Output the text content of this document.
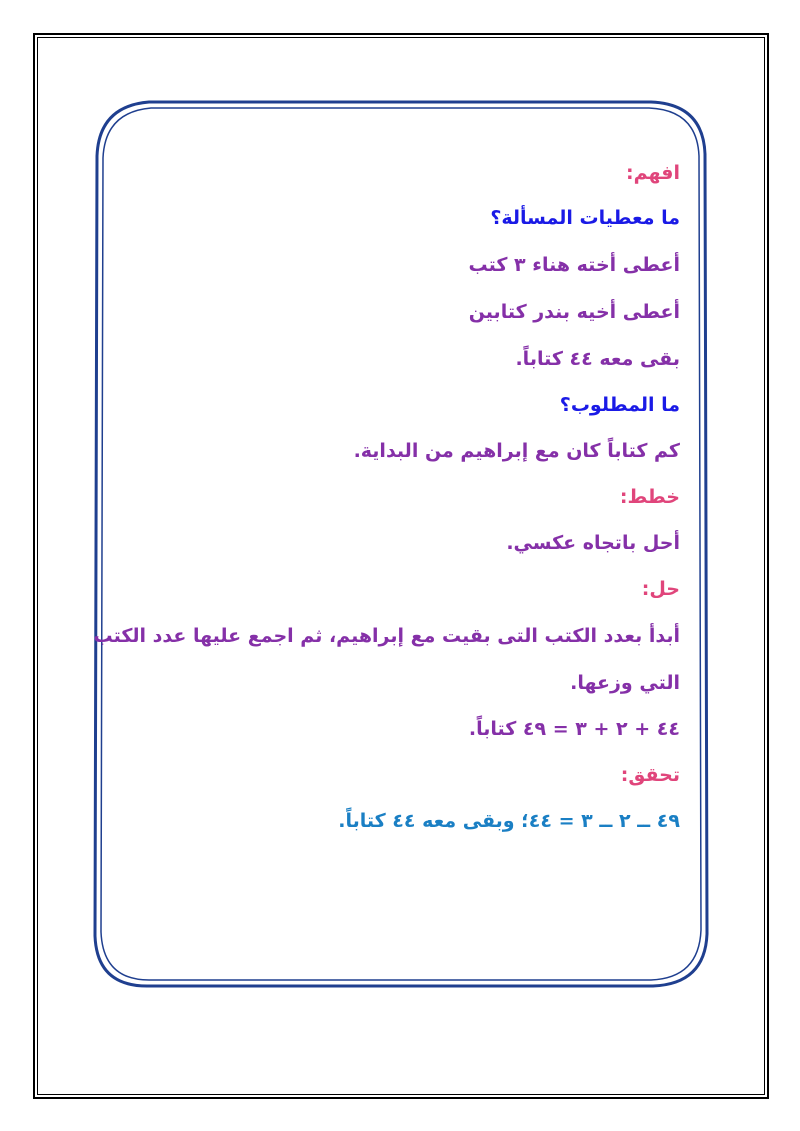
افهم:
ما معطيات المسألة؟
أعطى أخته هناء ٣ كتب
أعطى أخيه بندر كتابين
بقى معه ٤٤ كتاباً.
ما المطلوب؟
كم كتاباً كان مع إبراهيم من البداية.
خطط:
أحل باتجاه عكسي.
حل:
أبدأ بعدد الكتب التى بقيت مع إبراهيم، ثم اجمع عليها عدد الكتب
التي وزعها.
٤٤ + ٢ + ٣ = ٤٩ كتاباً.
تحقق:
٤٩ ــ ٢ ــ ٣ = ٤٤؛ وبقى معه ٤٤ كتاباً.
